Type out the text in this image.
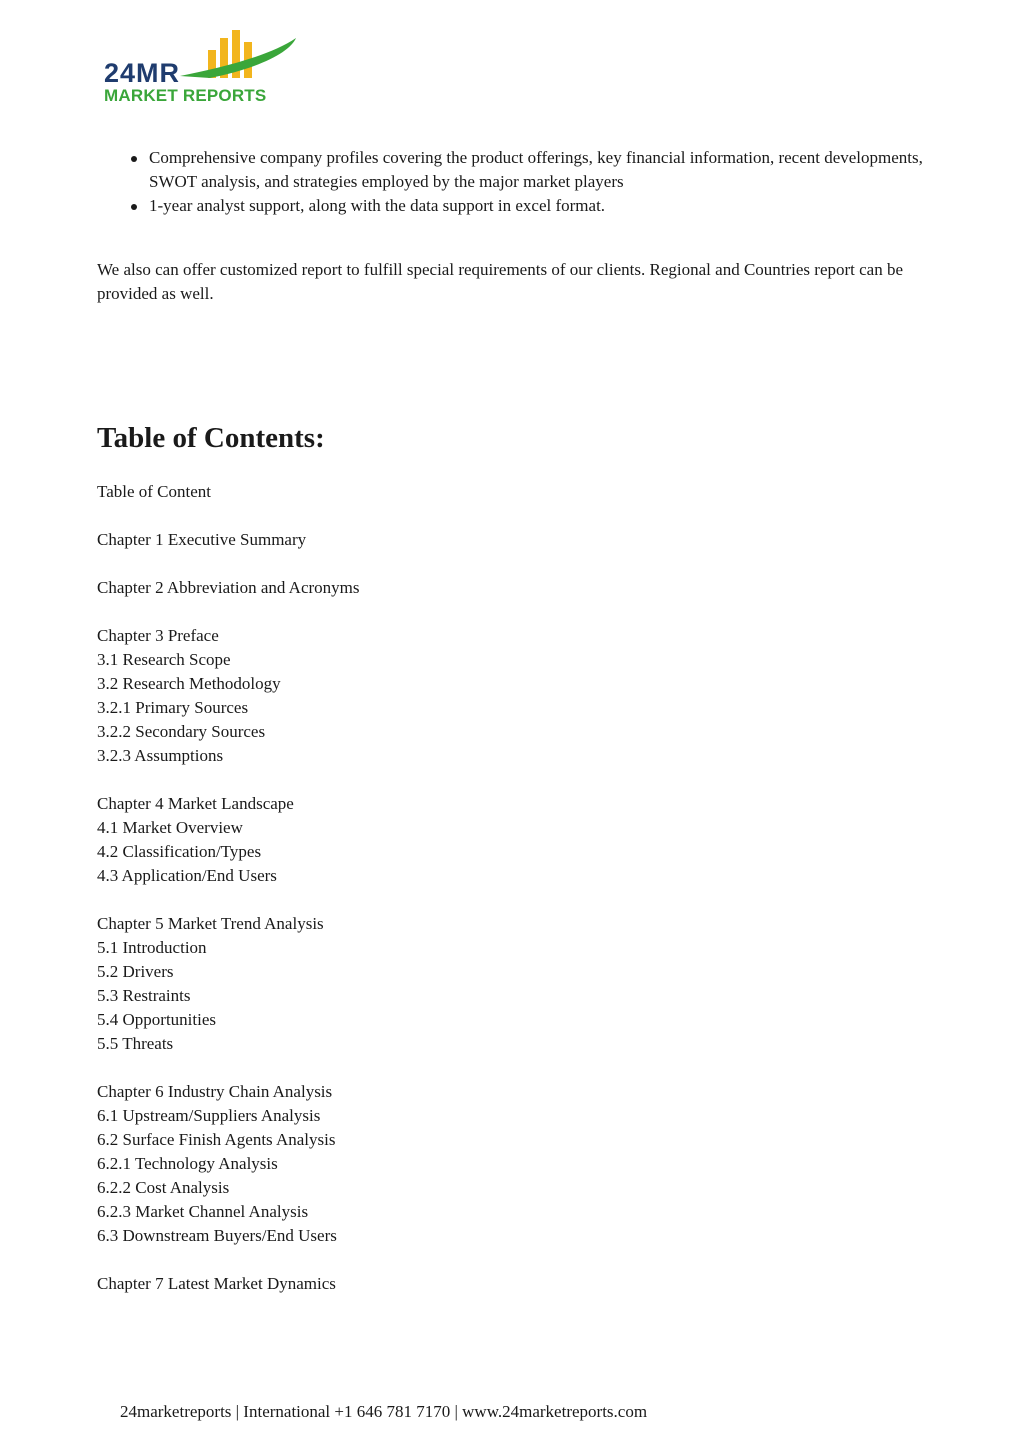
24MR
MARKET REPORTS
Comprehensive company profiles covering the product offerings, key financial information, recent developments, SWOT analysis, and strategies employed by the major market players
1-year analyst support, along with the data support in excel format.

We also can offer customized report to fulfill special requirements of our clients. Regional and Countries report can be provided as well.

Table of Contents:
Table of Content
Chapter 1 Executive Summary
Chapter 2 Abbreviation and Acronyms
Chapter 3 Preface
3.1 Research Scope
3.2 Research Methodology
3.2.1 Primary Sources
3.2.2 Secondary Sources
3.2.3 Assumptions
Chapter 4 Market Landscape
4.1 Market Overview
4.2 Classification/Types
4.3 Application/End Users
Chapter 5 Market Trend Analysis
5.1 Introduction
5.2 Drivers
5.3 Restraints
5.4 Opportunities
5.5 Threats
Chapter 6 Industry Chain Analysis
6.1 Upstream/Suppliers Analysis
6.2 Surface Finish Agents Analysis
6.2.1 Technology Analysis
6.2.2 Cost Analysis
6.2.3 Market Channel Analysis
6.3 Downstream Buyers/End Users
Chapter 7 Latest Market Dynamics
24marketreports | International +1 646 781 7170 | www.24marketreports.com
